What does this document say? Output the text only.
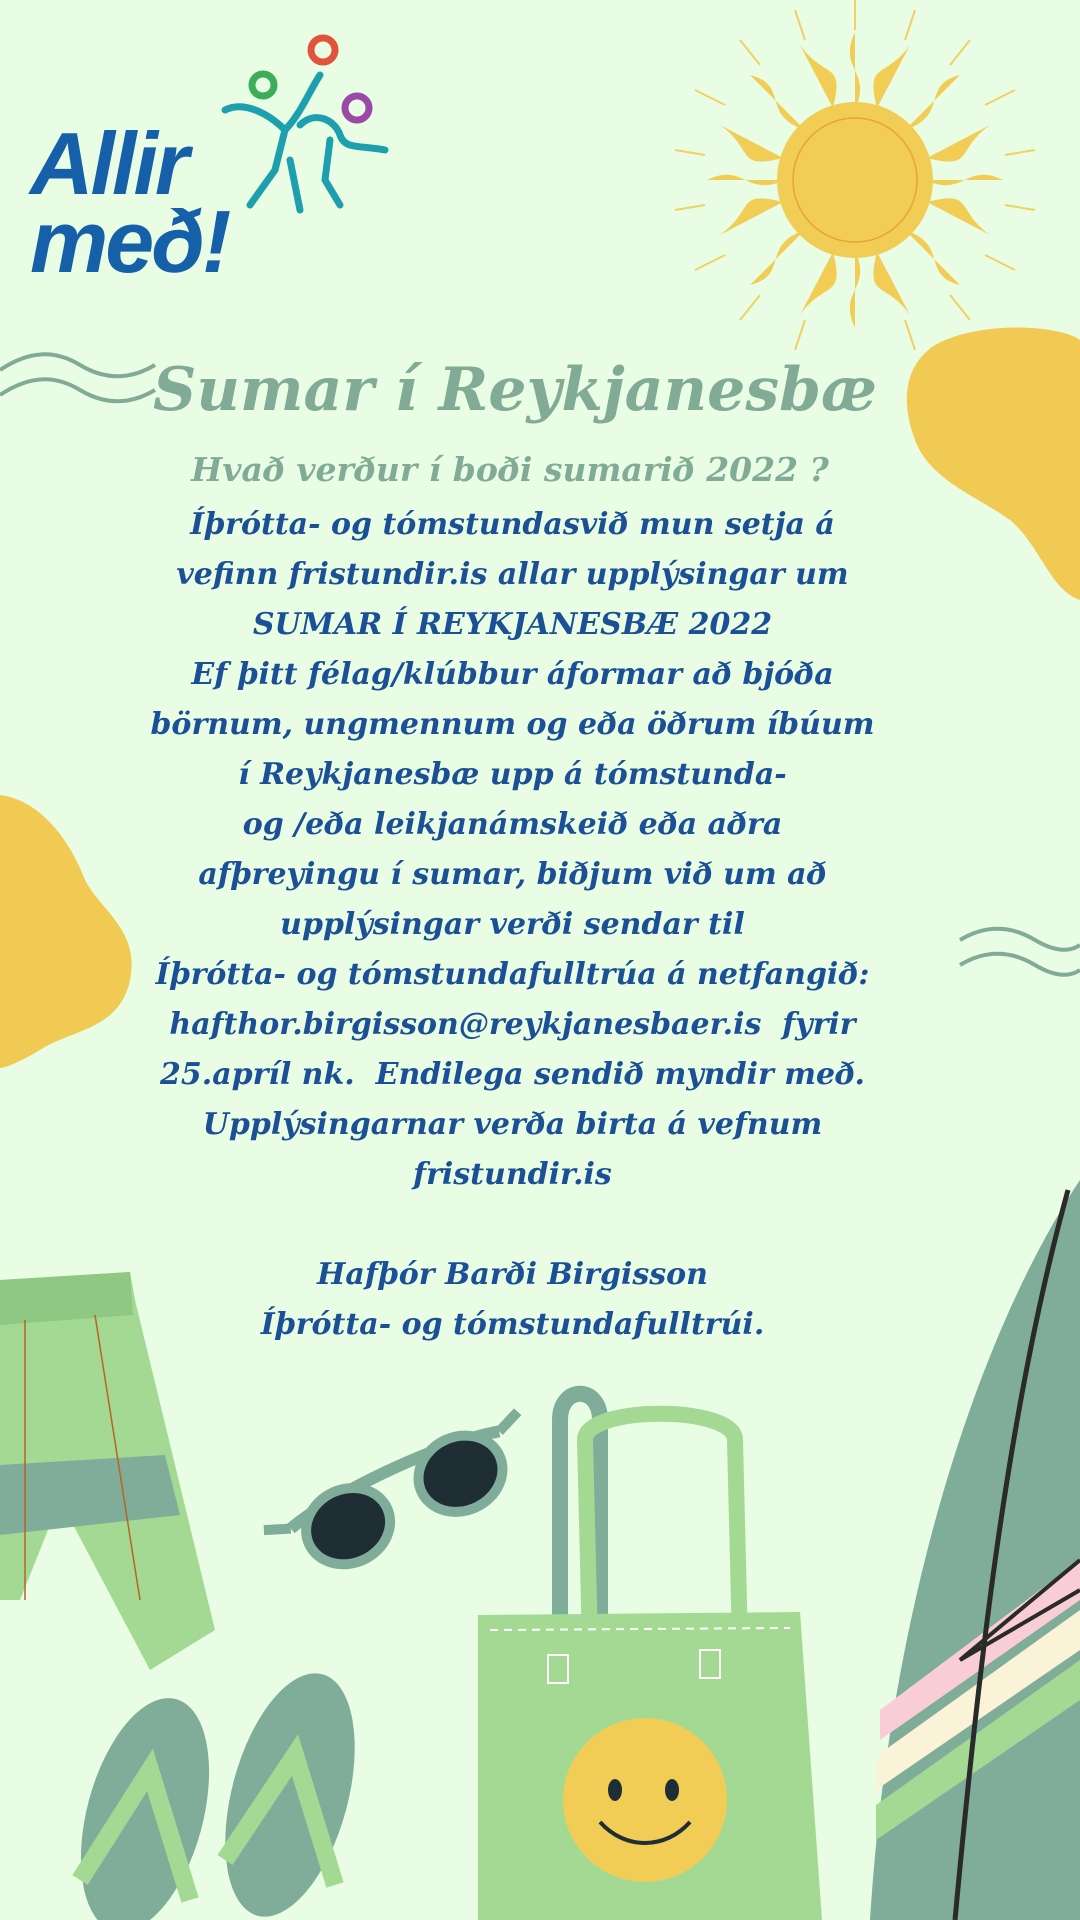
Allir
með!
Sumar í Reykjanesbæ
Hvað verður í boði sumarið 2022 ?
Íþrótta- og tómstundasvið mun setja á
vefinn fristundir.is allar upplýsingar um
SUMAR Í REYKJANESBÆ 2022
Ef þitt félag/klúbbur áformar að bjóða
börnum, ungmennum og eða öðrum íbúum
í Reykjanesbæ upp á tómstunda-
og /eða leikjanámskeið eða aðra
afþreyingu í sumar, biðjum við um að
upplýsingar verði sendar til
Íþrótta- og tómstundafulltrúa á netfangið:
hafthor.birgisson@reykjanesbaer.is  fyrir
25.apríl nk.  Endilega sendið myndir með.
Upplýsingarnar verða birta á vefnum
fristundir.is
Hafþór Barði Birgisson
Íþrótta- og tómstundafulltrúi.
